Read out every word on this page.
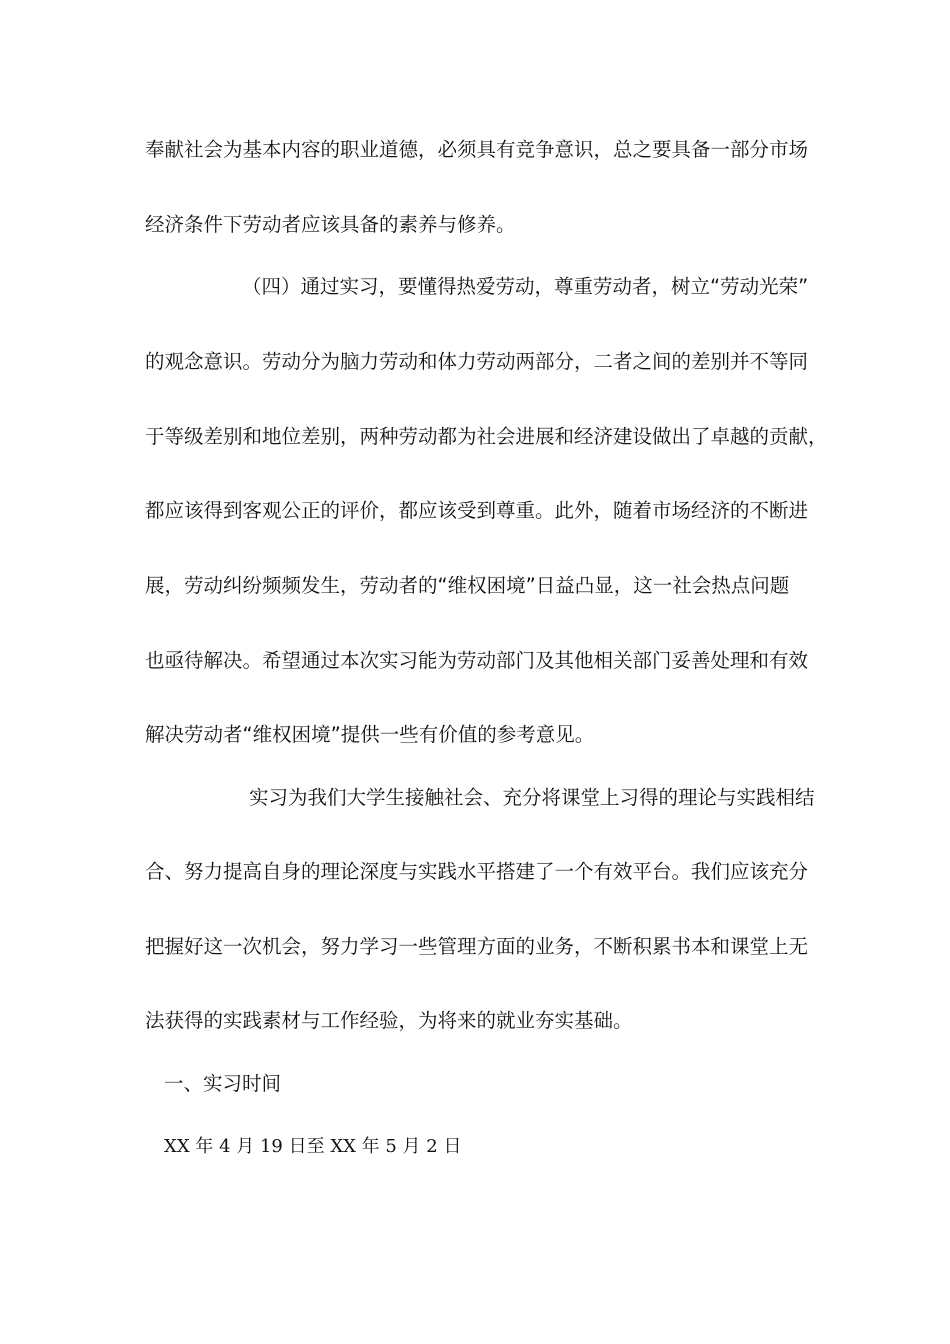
奉献社会为基本内容的职业道德，必须具有竞争意识，总之要具备一部分市场
经济条件下劳动者应该具备的素养与修养。
（四）通过实习，要懂得热爱劳动，尊重劳动者，树立“劳动光荣”
的观念意识。劳动分为脑力劳动和体力劳动两部分，二者之间的差别并不等同
于等级差别和地位差别，两种劳动都为社会进展和经济建设做出了卓越的贡献，
都应该得到客观公正的评价，都应该受到尊重。此外，随着市场经济的不断进
展，劳动纠纷频频发生，劳动者的“维权困境”日益凸显，这一社会热点问题
也亟待解决。希望通过本次实习能为劳动部门及其他相关部门妥善处理和有效
解决劳动者“维权困境”提供一些有价值的参考意见。
实习为我们大学生接触社会、充分将课堂上习得的理论与实践相结
合、努力提高自身的理论深度与实践水平搭建了一个有效平台。我们应该充分
把握好这一次机会，努力学习一些管理方面的业务，不断积累书本和课堂上无
法获得的实践素材与工作经验，为将来的就业夯实基础。
一、实习时间
XX 年 4 月 19 日至 XX 年 5 月 2 日
